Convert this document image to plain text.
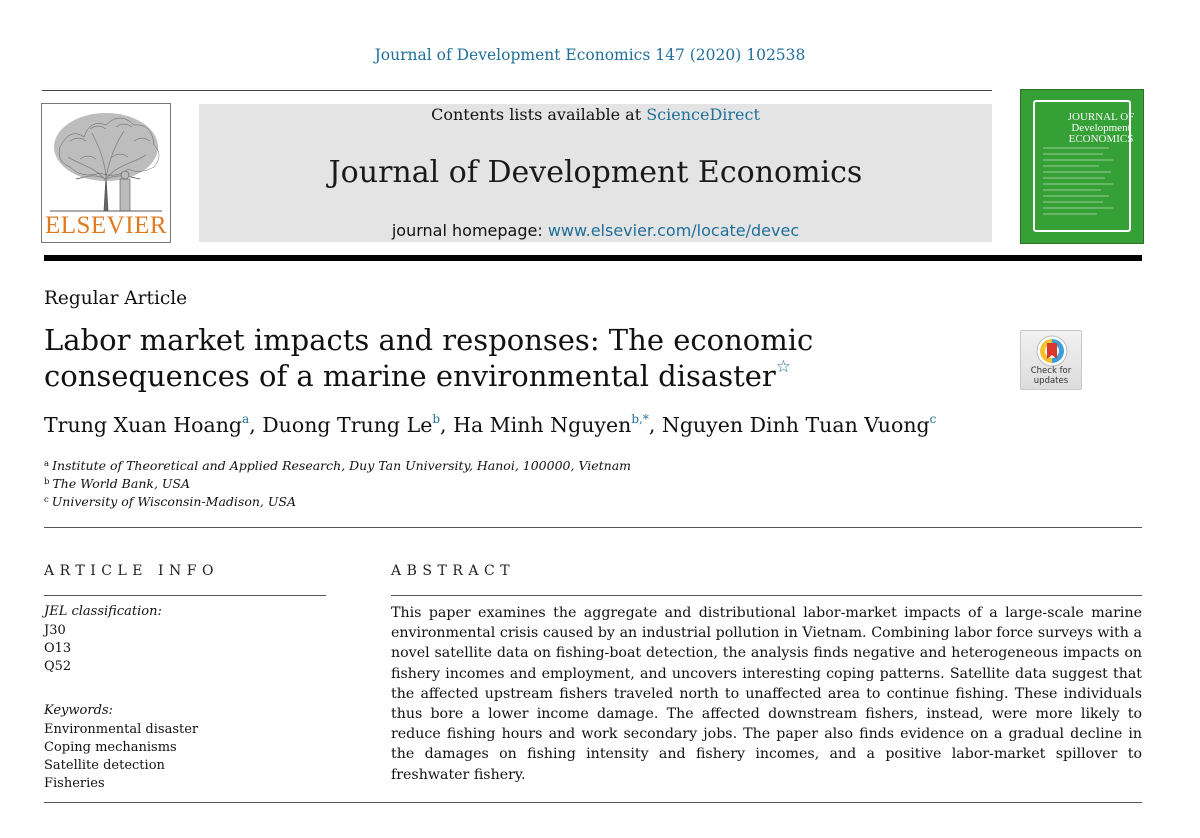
Journal of Development Economics 147 (2020) 102538
ELSEVIER
Contents lists available at ScienceDirect
Journal of Development Economics
journal homepage: www.elsevier.com/locate/devec
JOURNAL OF Development ECONOMICS
Regular Article
Labor market impacts and responses: The economic consequences of a marine environmental disaster☆	Check for updates
Trung Xuan Hoang$^a$, Duong Trung Le$^b$, Ha Minh Nguyen$^{b,*}$, Nguyen Dinh Tuan Vuong$^c$
$^a$ Institute of Theoretical and Applied Research, Duy Tan University, Hanoi, 100000, Vietnam
$^b$ The World Bank, USA
$^c$ University of Wisconsin-Madison, USA
ARTICLE INFO
JEL classification:
J30
O13
Q52
Keywords:
Environmental disaster
Coping mechanisms
Satellite detection
Fisheries
ABSTRACT
This paper examines the aggregate and distributional labor-market impacts of a large-scale marine environmental crisis caused by an industrial pollution in Vietnam. Combining labor force surveys with a novel satellite data on fishing-boat detection, the analysis finds negative and heterogeneous impacts on fishery incomes and employment, and uncovers interesting coping patterns. Satellite data suggest that the affected upstream fishers traveled north to unaffected area to continue fishing. These individuals thus bore a lower income damage. The affected downstream fishers, instead, were more likely to reduce fishing hours and work secondary jobs. The paper also finds evidence on a gradual decline in the damages on fishing intensity and fishery incomes, and a positive labor-market spillover to freshwater fishery.
